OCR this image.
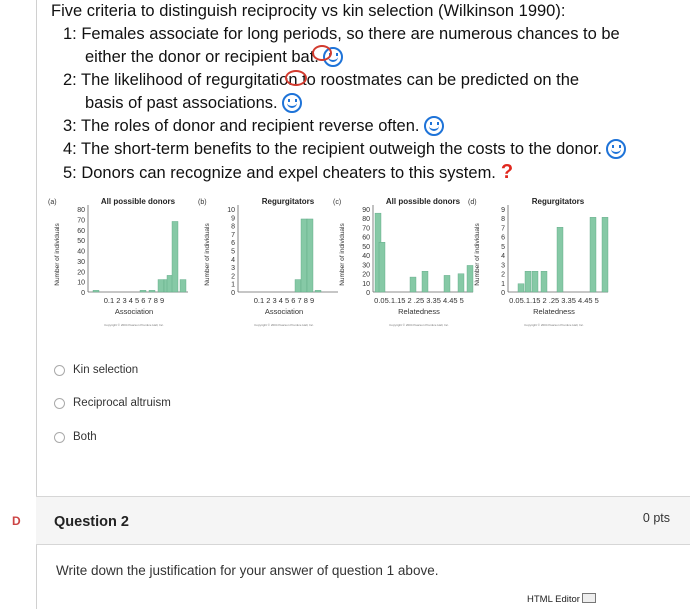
Five criteria to distinguish reciprocity vs kin selection (Wilkinson 1990):
1: Females associate for long periods, so there are numerous chances to be
either the donor or recipient bat.
2: The likelihood of regurgitation to roostmates can be predicted on the
basis of past associations.
3: The roles of donor and recipient reverse often.
4: The short-term benefits to the recipient outweigh the costs to the donor.
5: Donors can recognize and expel cheaters to this system. ?
(a)	All possible donors
Number of individuals
80
70
60
50
40
30
20
10
0
0.1 2 3 4 5 6 7 8 9
Association
Copyright © 2004 Pearson Prentice Hall, Inc.
(b)	Regurgitators
Number of individuals
10
9
8
7
6
5
4
3
2
1
0
0.1 2 3 4 5 6 7 8 9
Association
Copyright © 2004 Pearson Prentice Hall, Inc.
(c)	All possible donors
Number of individuals
90
80
70
60
50
40
30
20
10
0
0.05.1.15 2 .25 3.35 4.45 5
Relatedness
Copyright © 2004 Pearson Prentice Hall, Inc.
(d)	Regurgitators
Number of individuals
9
8
7
6
5
4
3
2
1
0
0.05.1.15 2 .25 3.35 4.45 5
Relatedness
Copyright © 2004 Pearson Prentice Hall, Inc.
Kin selection
Reciprocal altruism
Both
D Question 2	0 pts
Write down the justification for your answer of question 1 above.
HTML Editor
